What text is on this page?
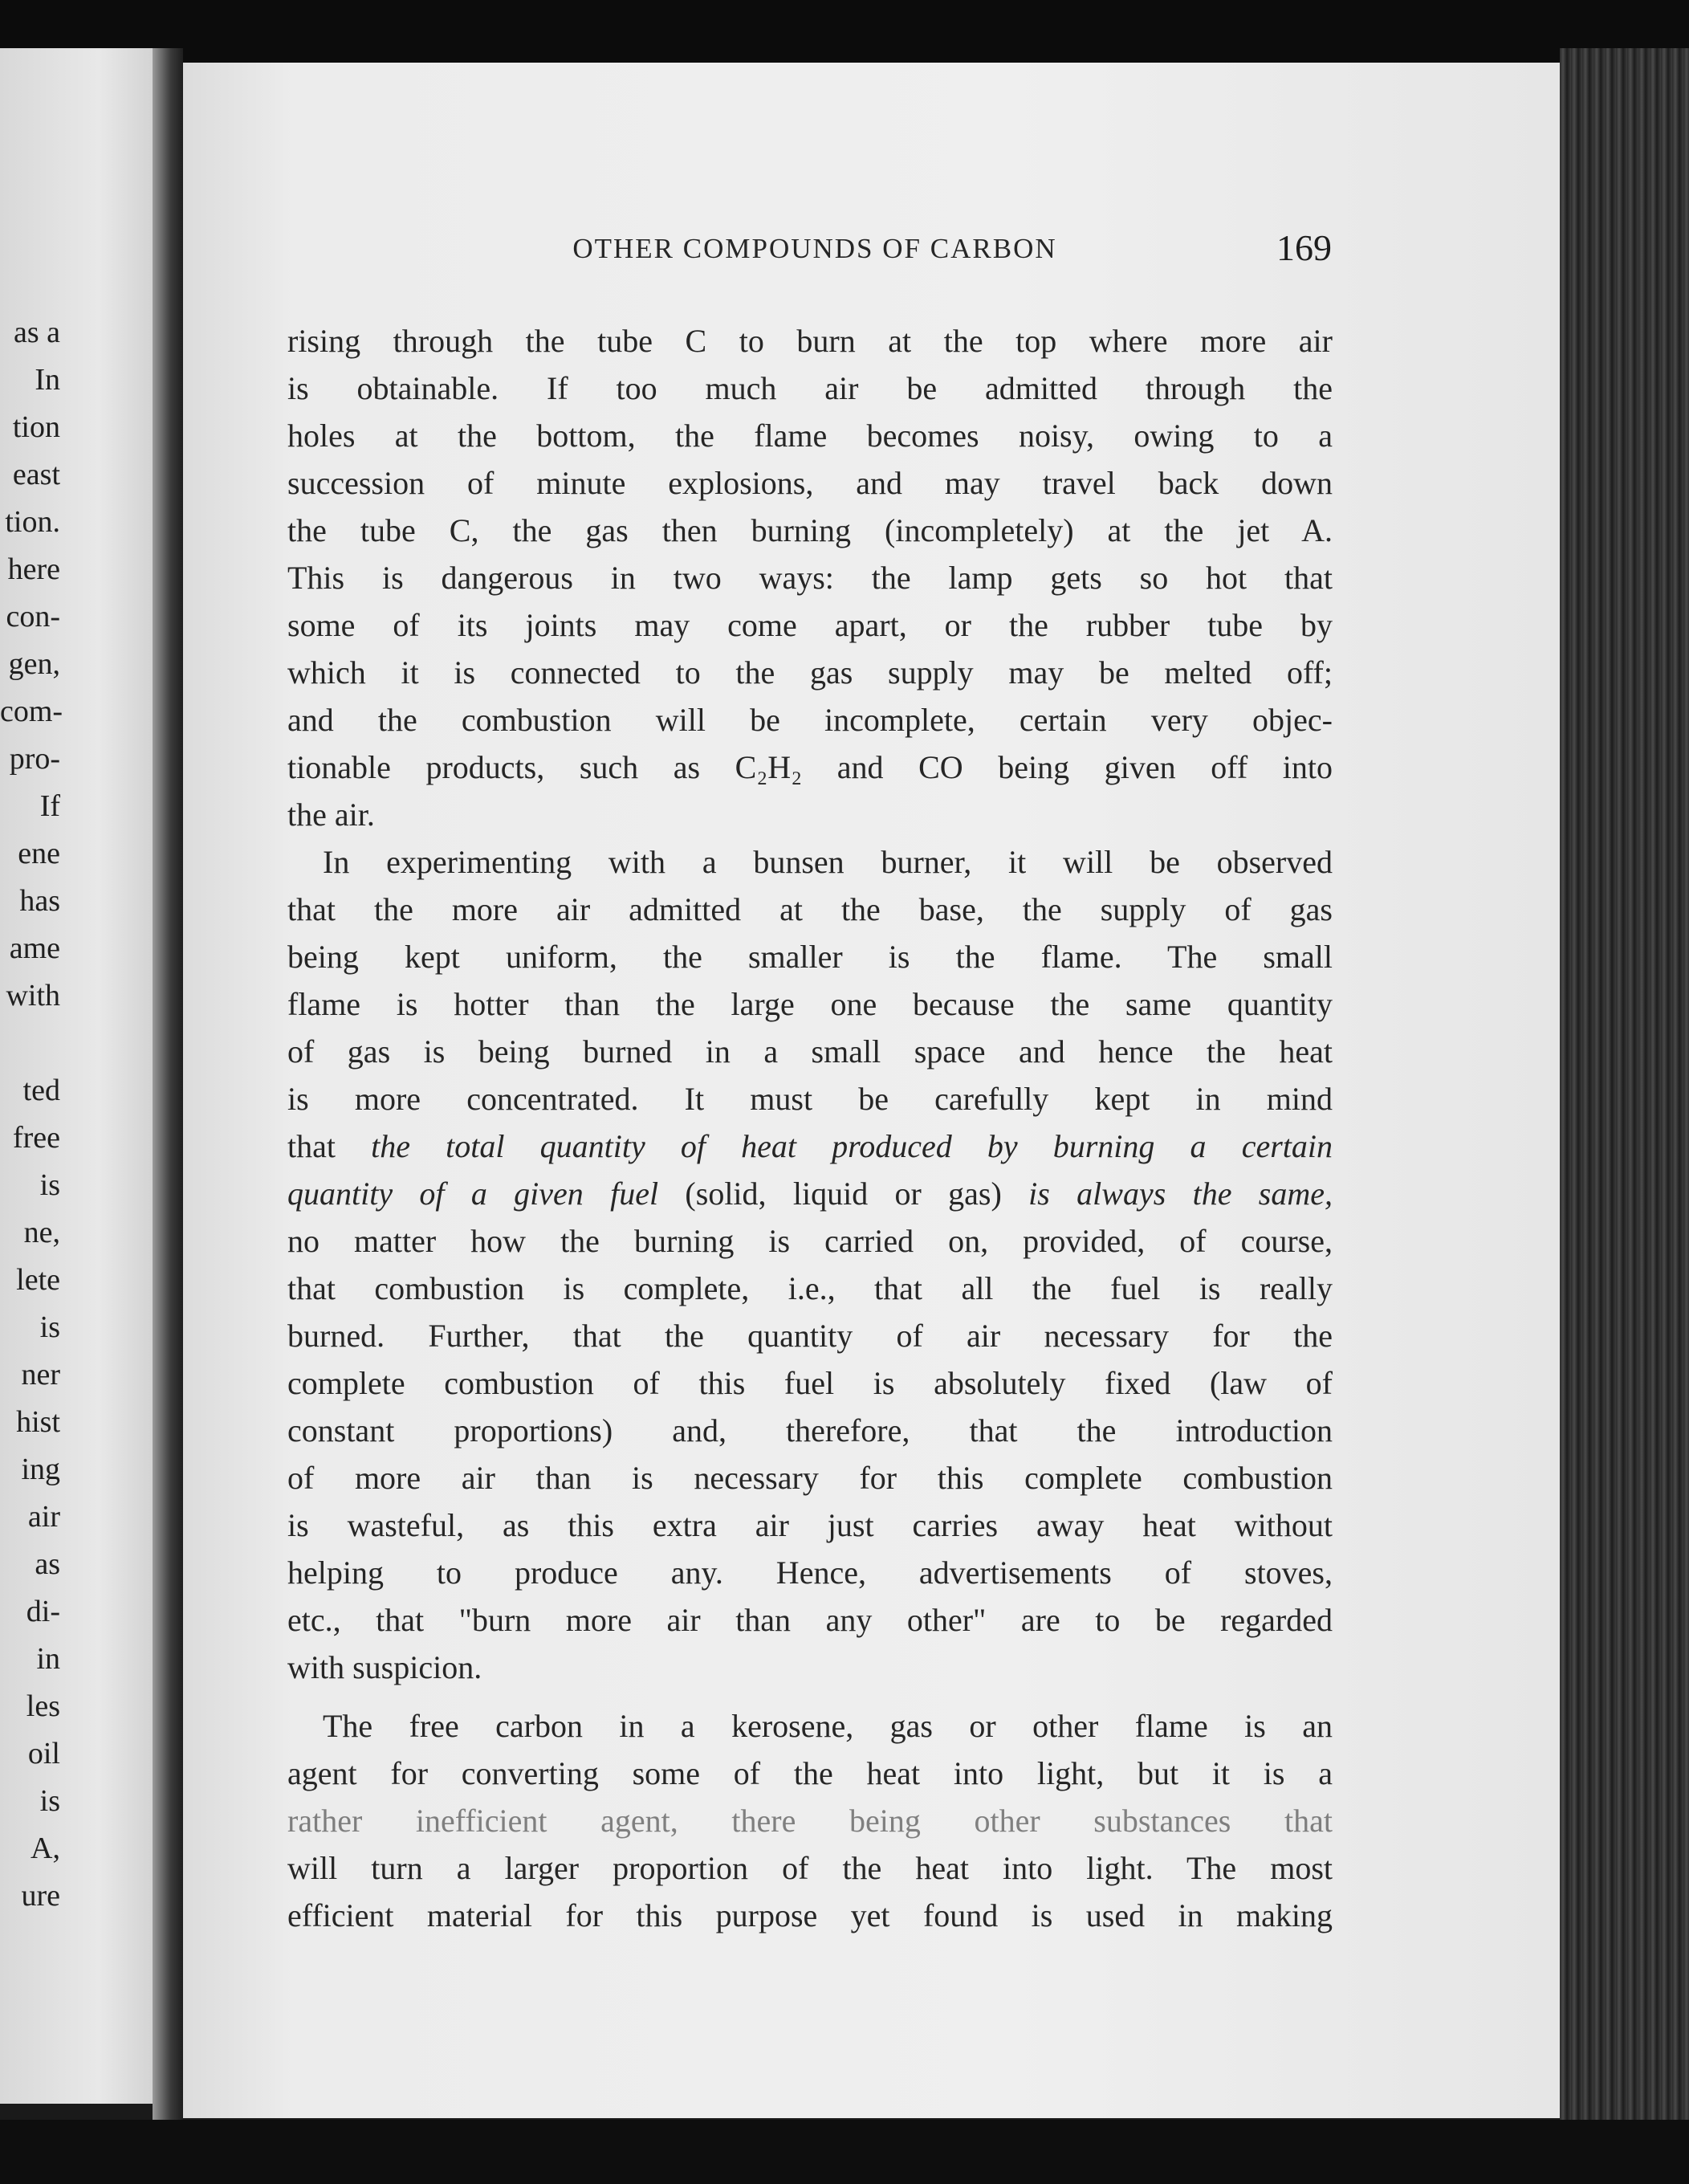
as a
In
tion
east
tion.
here
con-
gen,
com-
pro-
If
ene
has
ame
with
ted
free
is
ne,
lete
is
ner
hist
ing
air
as
di-
in
les
oil
is
A,
ure
OTHER COMPOUNDS OF CARBON	169
rising through the tube C to burn at the top where more air
is obtainable. If too much air be admitted through the
holes at the bottom, the flame becomes noisy, owing to a
succession of minute explosions, and may travel back down
the tube C, the gas then burning (incompletely) at the jet A.
This is dangerous in two ways: the lamp gets so hot that
some of its joints may come apart, or the rubber tube by
which it is connected to the gas supply may be melted off;
and the combustion will be incomplete, certain very objec-
tionable products, such as C₂H₂ and CO being given off into
the air.
In experimenting with a bunsen burner, it will be observed
that the more air admitted at the base, the supply of gas
being kept uniform, the smaller is the flame. The small
flame is hotter than the large one because the same quantity
of gas is being burned in a small space and hence the heat
is more concentrated. It must be carefully kept in mind
that the total quantity of heat produced by burning a certain
quantity of a given fuel (solid, liquid or gas) is always the same,
no matter how the burning is carried on, provided, of course,
that combustion is complete, i.e., that all the fuel is really
burned. Further, that the quantity of air necessary for the
complete combustion of this fuel is absolutely fixed (law of
constant proportions) and, therefore, that the introduction
of more air than is necessary for this complete combustion
is wasteful, as this extra air just carries away heat without
helping to produce any. Hence, advertisements of stoves,
etc., that "burn more air than any other" are to be regarded
with suspicion.
The free carbon in a kerosene, gas or other flame is an
agent for converting some of the heat into light, but it is a
rather inefficient agent, there being other substances that
will turn a larger proportion of the heat into light. The most
efficient material for this purpose yet found is used in making
